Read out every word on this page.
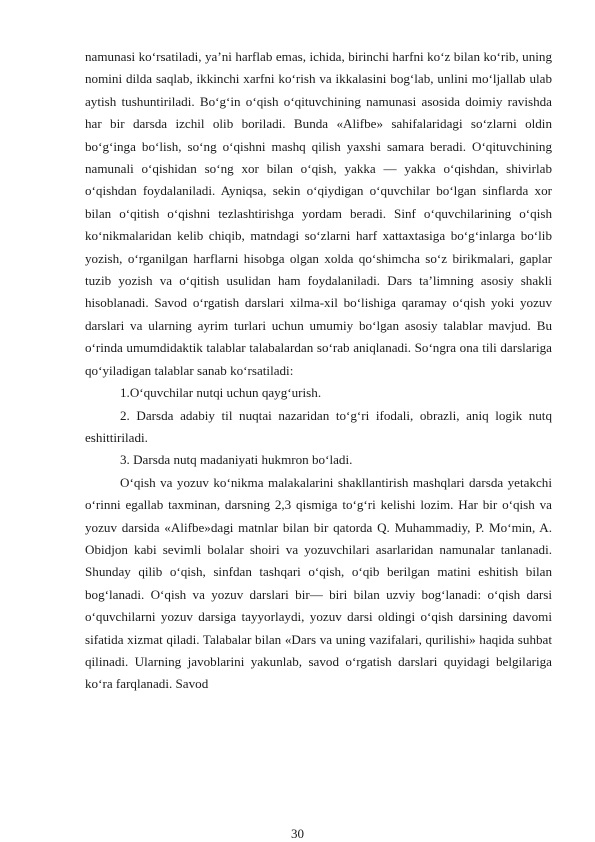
namunasi ko‘rsatiladi, ya’ni harflab emas, ichida, birinchi harfni ko‘z bilan ko‘rib, uning nomini dilda saqlab, ikkinchi xarfni ko‘rish va ikkalasini bog‘lab, unlini mo‘ljallab ulab aytish tushuntiriladi. Bo‘g‘in o‘qish o‘qituvchining namunasi asosida doimiy ravishda har bir darsda izchil olib boriladi. Bunda «Alifbe» sahifalaridagi so‘zlarni oldin bo‘g‘inga bo‘lish, so‘ng o‘qishni mashq qilish yaxshi samara beradi. O‘qituvchining namunali o‘qishidan so‘ng xor bilan o‘qish, yakka — yakka o‘qishdan, shivirlab o‘qishdan foydalaniladi. Ayniqsa, sekin o‘qiydigan o‘quvchilar bo‘lgan sinflarda xor bilan o‘qitish o‘qishni tezlashtirishga yordam beradi. Sinf o‘quvchilarining o‘qish ko‘nikmalaridan kelib chiqib, matndagi so‘zlarni harf xattaxtasiga bo‘g‘inlarga bo‘lib yozish, o‘rganilgan harflarni hisobga olgan xolda qo‘shimcha so‘z birikmalari, gaplar tuzib yozish va o‘qitish usulidan ham foydalaniladi. Dars ta’limning asosiy shakli hisoblanadi. Savod o‘rgatish darslari xilma-xil bo‘lishiga qaramay o‘qish yoki yozuv darslari va ularning ayrim turlari uchun umumiy bo‘lgan asosiy talablar mavjud. Bu o‘rinda umumdidaktik talablar talabalardan so‘rab aniqlanadi. So‘ngra ona tili darslariga qo‘yiladigan talablar sanab ko‘rsatiladi:

1.O‘quvchilar nutqi uchun qayg‘urish.

2. Darsda adabiy til nuqtai nazaridan to‘g‘ri ifodali, obrazli, aniq logik nutq eshittiriladi.

3. Darsda nutq madaniyati hukmron bo‘ladi.

O‘qish va yozuv ko‘nikma malakalarini shakllantirish mashqlari darsda yetakchi o‘rinni egallab taxminan, darsning 2,3 qismiga to‘g‘ri kelishi lozim. Har bir o‘qish va yozuv darsida «Alifbe»dagi matnlar bilan bir qatorda Q. Muhammadiy, P. Mo‘min, A. Obidjon kabi sevimli bolalar shoiri va yozuvchilari asarlaridan namunalar tanlanadi. Shunday qilib o‘qish, sinfdan tashqari o‘qish, o‘qib berilgan matini eshitish bilan bog‘lanadi. O‘qish va yozuv darslari bir— biri bilan uzviy bog‘lanadi: o‘qish darsi o‘quvchilarni yozuv darsiga tayyorlaydi, yozuv darsi oldingi o‘qish darsining davomi sifatida xizmat qiladi. Talabalar bilan «Dars va uning vazifalari, qurilishi» haqida suhbat qilinadi. Ularning javoblarini yakunlab, savod o‘rgatish darslari quyidagi belgilariga ko‘ra farqlanadi. Savod

30
